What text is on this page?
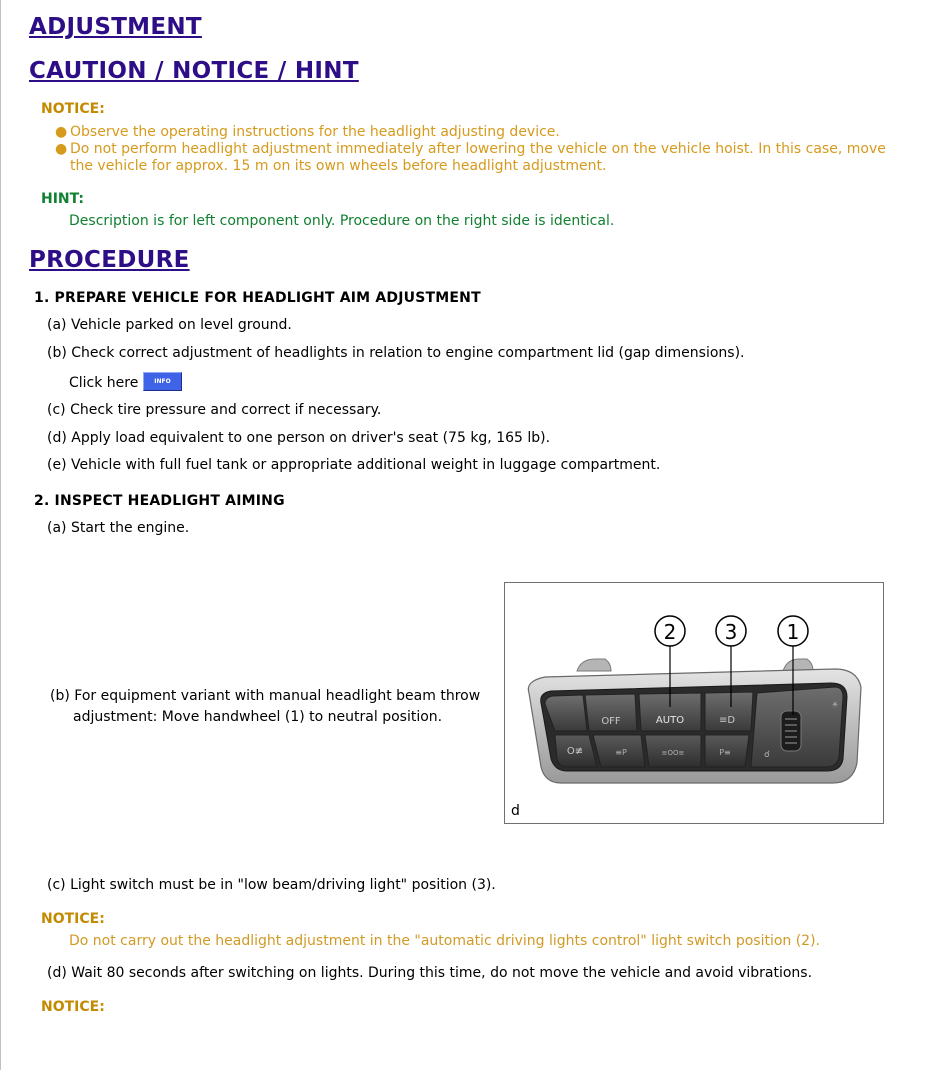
ADJUSTMENT
CAUTION / NOTICE / HINT
NOTICE:
● Observe the operating instructions for the headlight adjusting device.
● Do not perform headlight adjustment immediately after lowering the vehicle on the vehicle hoist. In this case, move the vehicle for approx. 15 m on its own wheels before headlight adjustment.
HINT:
Description is for left component only. Procedure on the right side is identical.
PROCEDURE
1. PREPARE VEHICLE FOR HEADLIGHT AIM ADJUSTMENT
(a) Vehicle parked on level ground.
(b) Check correct adjustment of headlights in relation to engine compartment lid (gap dimensions).
Click here	INFO
(c) Check tire pressure and correct if necessary.
(d) Apply load equivalent to one person on driver's seat (75 kg, 165 lb).
(e) Vehicle with full fuel tank or appropriate additional weight in luggage compartment.
2. INSPECT HEADLIGHT AIMING
(a) Start the engine.
(b) For equipment variant with manual headlight beam throw
adjustment: Move handwheel (1) to neutral position.	OFF	AUTO	≡D
O≢	≡P	≡OO≡	P≡	☌
☀
2 3 1
d
(c) Light switch must be in "low beam/driving light" position (3).
NOTICE:
Do not carry out the headlight adjustment in the "automatic driving lights control" light switch position (2).
(d) Wait 80 seconds after switching on lights. During this time, do not move the vehicle and avoid vibrations.
NOTICE:
